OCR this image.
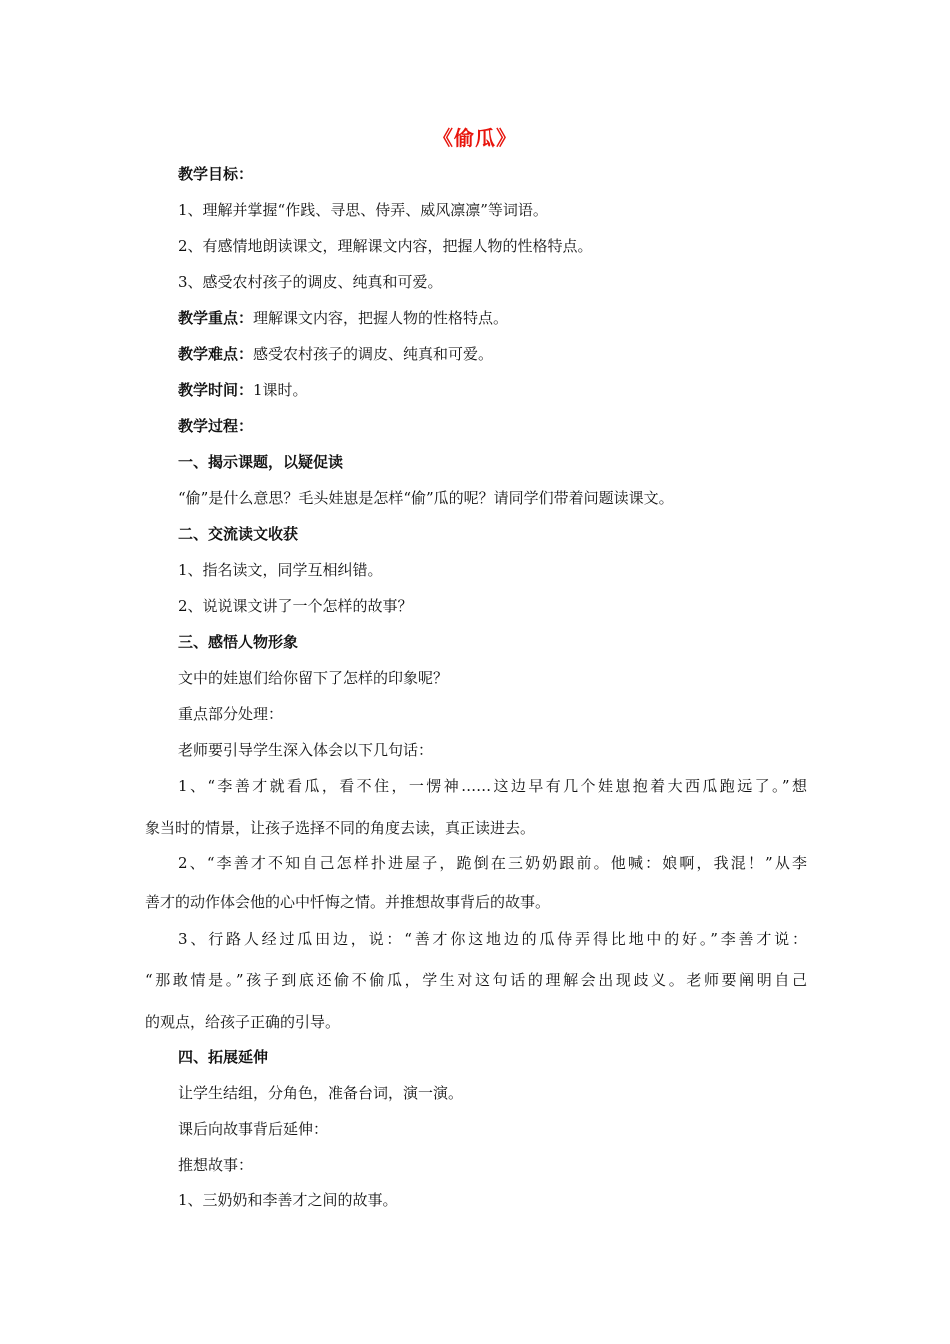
《偷瓜》
教学目标：
1、理解并掌握“作践、寻思、侍弄、威风凛凛”等词语。
2、有感情地朗读课文，理解课文内容，把握人物的性格特点。
3、感受农村孩子的调皮、纯真和可爱。
教学重点：理解课文内容，把握人物的性格特点。
教学难点：感受农村孩子的调皮、纯真和可爱。
教学时间：1课时。
教学过程：
一、揭示课题，以疑促读
“偷”是什么意思？毛头娃崽是怎样“偷”瓜的呢？请同学们带着问题读课文。
二、交流读文收获
1、指名读文，同学互相纠错。
2、说说课文讲了一个怎样的故事？
三、感悟人物形象
文中的娃崽们给你留下了怎样的印象呢？
重点部分处理：
老师要引导学生深入体会以下几句话：
1、“李善才就看瓜，看不住，一愣神……这边早有几个娃崽抱着大西瓜跑远了。”想
象当时的情景，让孩子选择不同的角度去读，真正读进去。
2、“李善才不知自己怎样扑进屋子，跪倒在三奶奶跟前。他喊：娘啊，我混！”从李
善才的动作体会他的心中忏悔之情。并推想故事背后的故事。
3、行路人经过瓜田边，说：“善才你这地边的瓜侍弄得比地中的好。”李善才说：
“那敢情是。”孩子到底还偷不偷瓜，学生对这句话的理解会出现歧义。老师要阐明自己
的观点，给孩子正确的引导。
四、拓展延伸
让学生结组，分角色，准备台词，演一演。
课后向故事背后延伸：
推想故事：
1、三奶奶和李善才之间的故事。
